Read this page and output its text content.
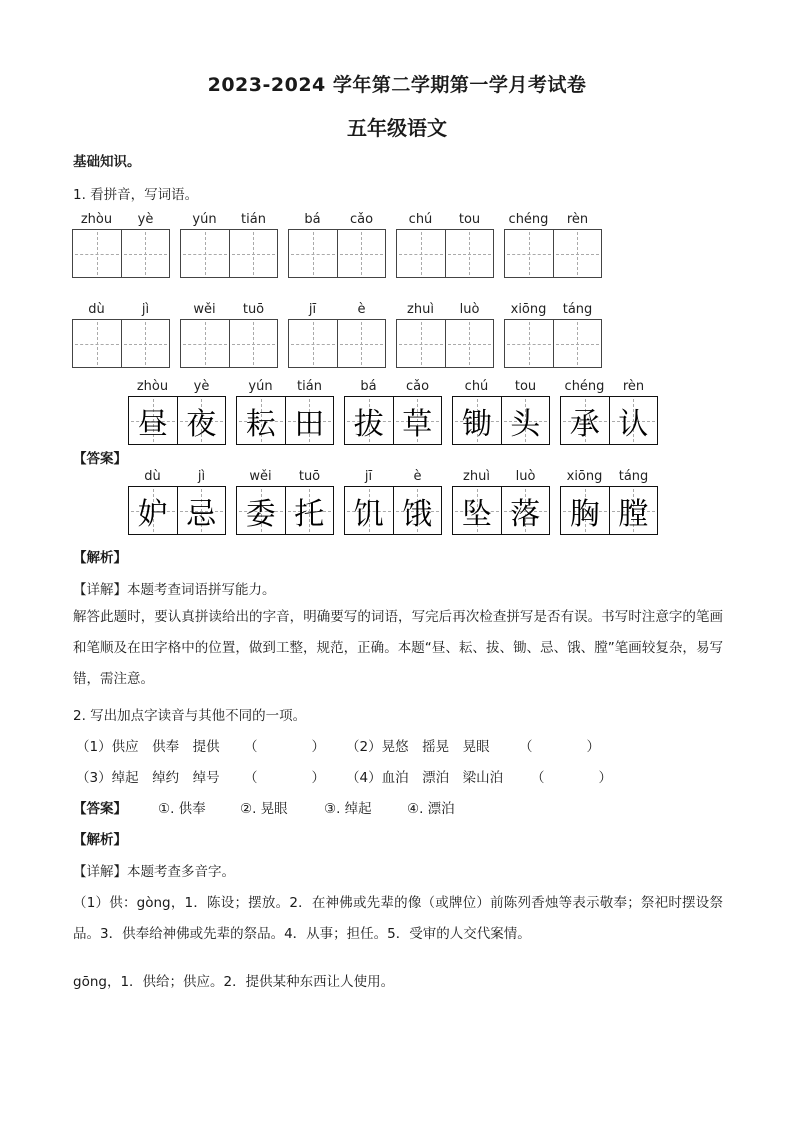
2023-2024 学年第二学期第一学月考试卷
五年级语文
基础知识。
1. 看拼音，写词语。
zhòu	yè	yún	tián	bá	cǎo	chú	tou	chéng	rèn
dù	jì	wěi	tuō	jī	è	zhuì	luò	xiōng	táng
zhòu	yè	yún	tián	bá	cǎo	chú	tou	chéng	rèn
昼 夜 耘 田 拔 草 锄 头 承 认
【答案】
dù	jì	wěi	tuō	jī	è	zhuì	luò	xiōng	táng
妒 忌 委 托 饥 饿 坠 落 胸 膛
【解析】
【详解】本题考查词语拼写能力。
解答此题时，要认真拼读给出的字音，明确要写的词语，写完后再次检查拼写是否有误。书写时注意字的笔画和笔顺及在田字格中的位置，做到工整，规范，正确。本题“昼、耘、拔、锄、忌、饿、膛”笔画较复杂，易写错，需注意。
2. 写出加点字读音与其他不同的一项。
（1）供应　供奉　提供 （　　　　） （2）晃悠　摇晃　晃眼 （　　　　）
（3）绰起　绰约　绰号 （　　　　） （4）血泊　漂泊　梁山泊 （　　　　）
【答案】 ①. 供奉	②. 晃眼	③. 绰起	④. 漂泊
【解析】
【详解】本题考查多音字。
（1）供：gòng，1．陈设；摆放。2．在神佛或先辈的像（或牌位）前陈列香烛等表示敬奉；祭祀时摆设祭品。3．供奉给神佛或先辈的祭品。4．从事；担任。5．受审的人交代案情。
gōng，1．供给；供应。2．提供某种东西让人使用。
